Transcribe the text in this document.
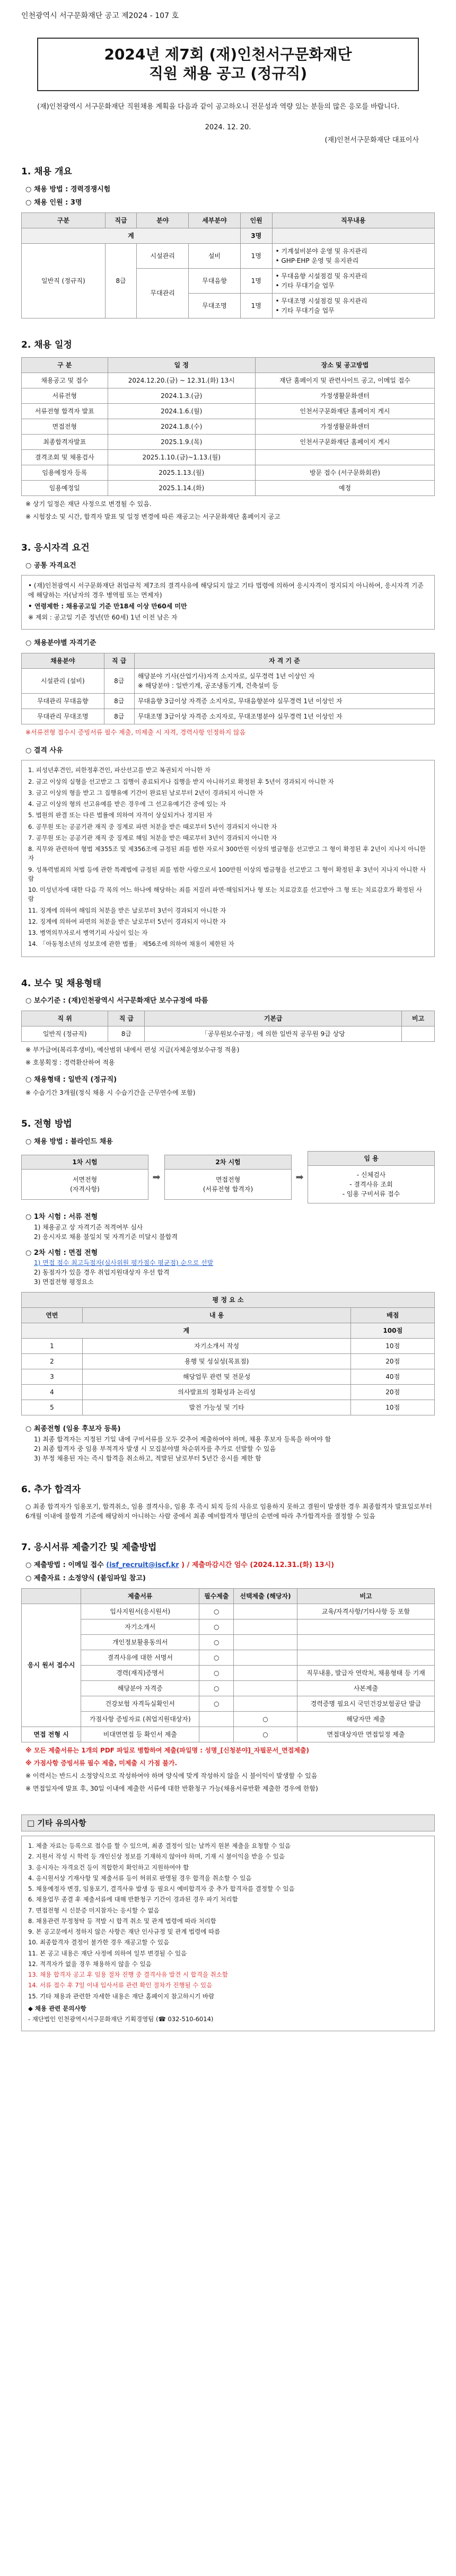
인천광역시 서구문화재단 공고 제2024 - 107 호
2024년 제7회 (재)인천서구문화재단
직원 채용 공고 (정규직)
(재)인천광역시 서구문화재단 직원채용 계획을 다음과 같이 공고하오니 전문성과 역량 있는 분들의 많은 응모를 바랍니다.
2024. 12. 20.
(재)인천서구문화재단 대표이사
1. 채용 개요
○ 채용 방법 : 경력경쟁시험
○ 채용 인원 : 3명
구분	직급	분야	세부분야	인원	직무내용
계				3명	
일반직 (정규직)	8급	시설관리	설비	1명	• 기계설비분야 운영 및 유지관리
• GHP·EHP 운영 및 유지관리
		무대관리	무대음향	1명	• 무대음향 시설점검 및 유지관리
• 기타 무대기술 업무
			무대조명	1명	• 무대조명 시설점검 및 유지관리
• 기타 무대기술 업무
2. 채용 일정
구 분	일 정	장소 및 공고방법
채용공고 및 접수	2024.12.20.(금) ~ 12.31.(화) 13시	재단 홈페이지 및 관련사이트 공고, 이메일 접수
서류전형	2024.1.3.(금)	가정생활문화센터
서류전형 합격자 발표	2024.1.6.(월)	인천서구문화재단 홈페이지 게시
면접전형	2024.1.8.(수)	가정생활문화센터
최종합격자발표	2025.1.9.(목)	인천서구문화재단 홈페이지 게시
결격조회 및 채용검사	2025.1.10.(금)~1.13.(월)	
임용예정자 등록	2025.1.13.(월)	방문 접수 (서구문화회관)
임용예정일	2025.1.14.(화)	예정
※ 상기 일정은 재단 사정으로 변경될 수 있음.
※ 시험장소 및 시간, 합격자 발표 및 일정 변경에 따른 재공고는 서구문화재단 홈페이지 공고
3. 응시자격 요건
○ 공통 자격요건
• (재)인천광역시 서구문화재단 취업규칙 제7조의 결격사유에 해당되지 않고 기타 법령에 의하여 응시자격이 정지되지 아니하여, 응시자격 기준에 해당하는 자(남자의 경우 병역필 또는 면제자)
• 연령제한 : 채용공고일 기준 만18세 이상 만60세 미만
※ 제외 : 공고일 기준 정년(만 60세) 1년 이전 남은 자
○ 채용분야별 자격기준
채용분야	직 급	자 격 기 준
시설관리 (설비)	8급	해당분야 기사(산업기사)자격 소지자로, 실무경력 1년 이상인 자
※ 해당분야 : 일반기계, 공조냉동기계, 건축설비 등
무대관리 무대음향	8급	무대음향 3급이상 자격증 소지자로, 무대음향분야 실무경력 1년 이상인 자
무대관리 무대조명	8급	무대조명 3급이상 자격증 소지자로, 무대조명분야 실무경력 1년 이상인 자
※서류전형 접수시 증빙서류 필수 제출, 미제출 시 자격, 경력사항 인정하지 않음
○ 결격 사유
1. 피성년후견인, 피한정후견인, 파산선고를 받고 복권되지 아니한 자
2. 금고 이상의 실형을 선고받고 그 집행이 종료되거나 집행을 받지 아니하기로 확정된 후 5년이 경과되지 아니한 자
3. 금고 이상의 형을 받고 그 집행유예 기간이 완료된 날로부터 2년이 경과되지 아니한 자
4. 금고 이상의 형의 선고유예를 받은 경우에 그 선고유예기간 중에 있는 자
5. 법원의 판결 또는 다른 법률에 의하여 자격이 상실되거나 정지된 자
6. 공무원 또는 공공기관 재직 중 징계로 파면 처분을 받은 때로부터 5년이 경과되지 아니한 자
7. 공무원 또는 공공기관 재직 중 징계로 해임 처분을 받은 때로부터 3년이 경과되지 아니한 자
8. 직무와 관련하여 형법 제355조 및 제356조에 규정된 죄를 범한 자로서 300만원 이상의 벌금형을 선고받고 그 형이 확정된 후 2년이 지나지 아니한 자
9. 성폭력범죄의 처벌 등에 관한 특례법에 규정된 죄를 범한 사람으로서 100만원 이상의 벌금형을 선고받고 그 형이 확정된 후 3년이 지나지 아니한 사람
10. 미성년자에 대한 다음 각 목의 어느 하나에 해당하는 죄를 저질러 파면·해임되거나 형 또는 치료감호를 선고받아 그 형 또는 치료감호가 확정된 사람
11. 징계에 의하여 해임의 처분을 받은 날로부터 3년이 경과되지 아니한 자
12. 징계에 의하여 파면의 처분을 받은 날로부터 5년이 경과되지 아니한 자
13. 병역의무자로서 병역기피 사실이 있는 자
14. 「아동청소년의 성보호에 관한 법률」 제56조에 의하여 채용이 제한된 자
4. 보수 및 채용형태
○ 보수기준 : (재)인천광역시 서구문화재단 보수규정에 따름
직 위	직 급	기본급	비고
일반직 (정규직)	8급	「공무원보수규정」에 의한 일반직 공무원 9급 상당	
※ 부가급여(복리후생비), 예산범위 내에서 편성 지급(자체운영보수규정 적용)
※ 호봉획정 : 경력환산하여 적용
○ 채용형태 : 일반직 (정규직)
※ 수습기간 3개월(정식 채용 시 수습기간을 근무연수에 포함)
5. 전형 방법
○ 채용 방법 : 블라인드 채용
1차 시험
서면전형
(자격사항)
➡
2차 시험
면접전형
(서류전형 합격자)
➡
임 용
- 신체검사
- 결격사유 조회
- 임용 구비서류 접수
○ 1차 시험 : 서류 전형
1) 채용공고 상 자격기준 적격여부 심사
2) 응시자로 채용 불일치 및 자격기준 미달시 불합격
○ 2차 시험 : 면접 전형
1) 면접 점수 최고득점자(심사위원 평가점수 평균점) 순으로 선발
2) 동점자가 있을 경우 취업지원대상자 우선 합격
3) 면접전형 평정요소
평 정 요 소		
연번	내 용	배점
계		100점
1	자기소개서 작성	10점
2	용행 및 성실성(목표점)	20점
3	해당업무 관련 및 전문성	40점
4	의사발표의 정확성과 논리성	20점
5	발전 가능성 및 기타	10점
○ 최종전형 (임용 후보자 등록)
1) 최종 합격자는 지정된 기일 내에 구비서류를 모두 갖추어 제출하여야 하며, 채용 후보자 등록을 하여야 함
2) 최종 합격자 중 임용 부적격자 발생 시 모집분야별 차순위자를 추가로 선발할 수 있음
3) 부정 채용된 자는 즉시 합격을 취소하고, 적발된 날로부터 5년간 응시를 제한 함
6. 추가 합격자
○ 최종 합격자가 임용포기, 합격취소, 임용 결격사유, 임용 후 즉시 퇴직 등의 사유로 임용하지 못하고 결원이 발생한 경우 최종합격자 발표일로부터 6개월 이내에 불합격 기준에 해당하지 아니하는 사람 중에서 최종 예비합격자 명단의 순번에 따라 추가합격자를 결정할 수 있음
7. 응시서류 제출기간 및 제출방법
○ 제출방법 : 이메일 접수 (isf_recruit@iscf.kr ) / 제출마감시간 엄수 (2024.12.31.(화) 13시)
○ 제출자료 : 소정양식 (붙임파일 참고)
	제출서류	필수제출	선택제출 (해당자)	비고
응시 원서 접수시	입사지원서(응시원서)	○		교육/자격사항/기타사항 등 포함
	자기소개서	○		
	개인정보활용동의서	○		
	결격사유에 대한 서명서	○		
	경력(재직)증명서	○		직무내용, 발급자 연락처, 채용형태 등 기재
	해당분야 자격증	○		사본제출
	건강보험 자격득실확인서	○		경력증명 필요시 국민건강보험공단 발급
	가점사항 증빙자료 (취업지원대상자)		○	해당자만 제출
면접 전형 시	비대면면접 등 확인서 제출		○	면접대상자만 면접일정 제출
※ 모든 제출서류는 1개의 PDF 파일로 병합하여 제출(파일명 : 성명_[신청분야]_자필문서_면접제출)
※ 가점사항 증빙서류 필수 제출, 미제출 시 가점 불가.
※ 이력서는 반드시 소정양식으로 작성하여야 하며 양식에 맞게 작성하지 않을 시 불이익이 발생할 수 있음
※ 면접일자에 발표 후, 30일 이내에 제출한 서류에 대한 반환청구 가능(채용서류반환 제출한 경우에 한함)
□ 기타 유의사항
1. 제출 자료는 등록으로 접수를 할 수 있으며, 최종 결정이 있는 날까지 원본 제출을 요청할 수 있음
2. 지원서 작성 시 학력 등 개인신상 정보를 기재하지 않아야 하며, 기재 시 불이익을 받을 수 있음
3. 응시자는 자격요건 등이 적합한지 확인하고 지원하여야 함
4. 응시원서상 기재사항 및 제출서류 등이 허위로 판명될 경우 합격을 취소할 수 있음
5. 채용예정자 변경, 임용포기, 결격사유 발생 등 필요시 예비합격자 중 추가 합격자를 결정할 수 있음
6. 채용업무 종결 후 제출서류에 대해 반환청구 기간이 경과된 경우 파기 처리함
7. 면접전형 시 신분증 미지참자는 응시할 수 없음
8. 채용관련 부정청탁 등 적발 시 합격 취소 및 관계 법령에 따라 처리함
9. 본 공고문에서 정하지 않은 사항은 재단 인사규정 및 관계 법령에 따름
10. 최종합격자 결정이 불가한 경우 재공고할 수 있음
11. 본 공고 내용은 재단 사정에 의하여 일부 변경될 수 있음
12. 적격자가 없을 경우 채용하지 않을 수 있음
13. 채용 합격자 공고 후 임용 절차 진행 중 결격사유 발견 시 합격을 취소함
14. 서류 접수 후 7일 이내 입사서류 관련 확인 절차가 진행될 수 있음
15. 기타 채용과 관련한 자세한 내용은 재단 홈페이지 참고하시기 바람
◆ 채용 관련 문의사항
- 재단법인 인천광역시서구문화재단 기획경영팀 (☎ 032-510-6014)
